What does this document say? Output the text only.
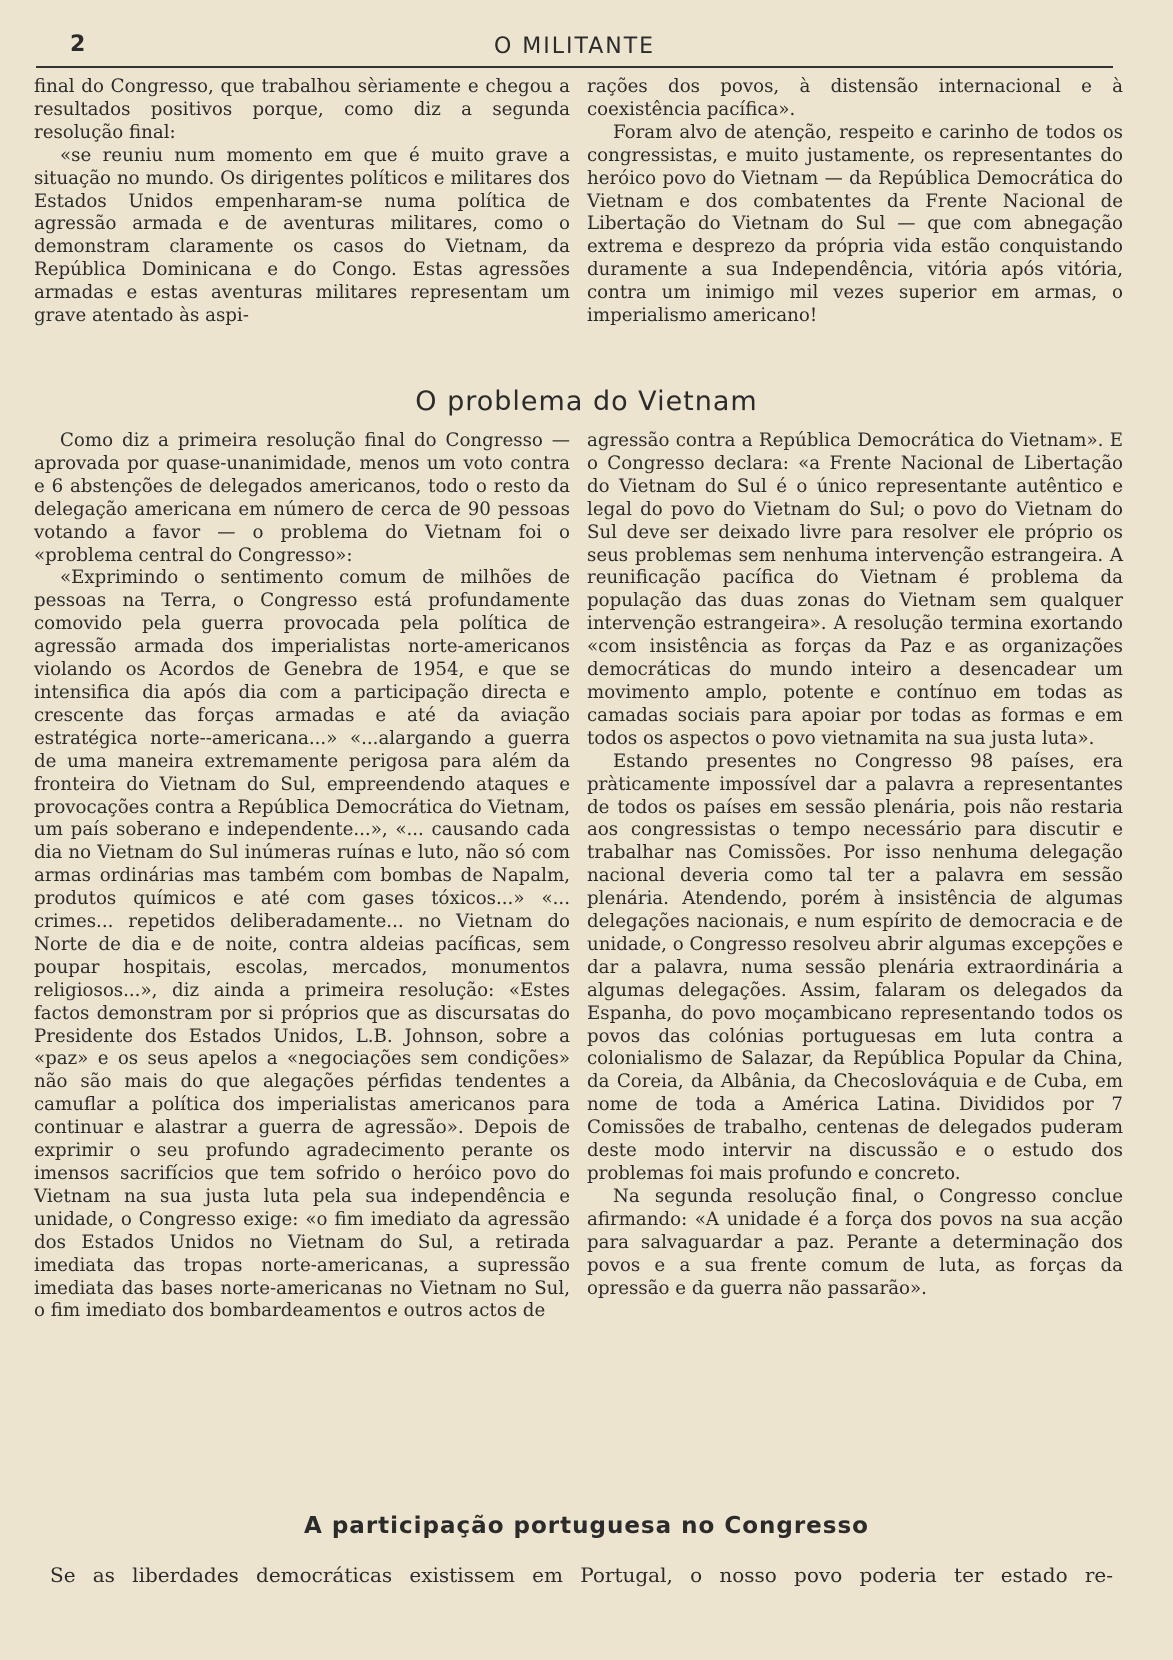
2	O MILITANTE

final do Congresso, que trabalhou sèriamente e chegou a resultados positivos porque, como diz a segunda resolução final:

«se reuniu num momento em que é muito grave a situação no mundo. Os dirigentes políticos e militares dos Estados Unidos empenharam-se numa política de agressão armada e de aventuras militares, como o demonstram claramente os casos do Vietnam, da República Dominicana e do Congo. Estas agressões armadas e estas aventuras militares representam um grave atentado às aspi-

rações dos povos, à distensão internacional e à coexistência pacífica».

Foram alvo de atenção, respeito e carinho de todos os congressistas, e muito justamente, os representantes do heróico povo do Vietnam — da República Democrática do Vietnam e dos combatentes da Frente Nacional de Libertação do Vietnam do Sul — que com abnegação extrema e desprezo da própria vida estão conquistando duramente a sua Independência, vitória após vitória, contra um inimigo mil vezes superior em armas, o imperialismo americano!

O problema do Vietnam

Como diz a primeira resolução final do Congresso — aprovada por quase-unanimidade, menos um voto contra e 6 abstenções de delegados americanos, todo o resto da delegação americana em número de cerca de 90 pessoas votando a favor — o problema do Vietnam foi o «problema central do Congresso»:

«Exprimindo o sentimento comum de milhões de pessoas na Terra, o Congresso está profundamente comovido pela guerra provocada pela política de agressão armada dos imperialistas norte-americanos violando os Acordos de Genebra de 1954, e que se intensifica dia após dia com a participação directa e crescente das forças armadas e até da aviação estratégica norte--americana...» «...alargando a guerra de uma maneira extremamente perigosa para além da fronteira do Vietnam do Sul, empreendendo ataques e provocações contra a República Democrática do Vietnam, um país soberano e independente...», «... causando cada dia no Vietnam do Sul inúmeras ruínas e luto, não só com armas ordinárias mas também com bombas de Napalm, produtos químicos e até com gases tóxicos...» «... crimes... repetidos deliberadamente... no Vietnam do Norte de dia e de noite, contra aldeias pacíficas, sem poupar hospitais, escolas, mercados, monumentos religiosos...», diz ainda a primeira resolução: «Estes factos demonstram por si próprios que as discursatas do Presidente dos Estados Unidos, L.B. Johnson, sobre a «paz» e os seus apelos a «negociações sem condições» não são mais do que alegações pérfidas tendentes a camuflar a política dos imperialistas americanos para continuar e alastrar a guerra de agressão». Depois de exprimir o seu profundo agradecimento perante os imensos sacrifícios que tem sofrido o heróico povo do Vietnam na sua justa luta pela sua independência e unidade, o Congresso exige: «o fim imediato da agressão dos Estados Unidos no Vietnam do Sul, a retirada imediata das tropas norte-americanas, a supressão imediata das bases norte-americanas no Vietnam no Sul, o fim imediato dos bombardeamentos e outros actos de

agressão contra a República Democrática do Vietnam». E o Congresso declara: «a Frente Nacional de Libertação do Vietnam do Sul é o único representante autêntico e legal do povo do Vietnam do Sul; o povo do Vietnam do Sul deve ser deixado livre para resolver ele próprio os seus problemas sem nenhuma intervenção estrangeira. A reunificação pacífica do Vietnam é problema da população das duas zonas do Vietnam sem qualquer intervenção estrangeira». A resolução termina exortando «com insistência as forças da Paz e as organizações democráticas do mundo inteiro a desencadear um movimento amplo, potente e contínuo em todas as camadas sociais para apoiar por todas as formas e em todos os aspectos o povo vietnamita na sua justa luta».

Estando presentes no Congresso 98 países, era pràticamente impossível dar a palavra a representantes de todos os países em sessão plenária, pois não restaria aos congressistas o tempo necessário para discutir e trabalhar nas Comissões. Por isso nenhuma delegação nacional deveria como tal ter a palavra em sessão plenária. Atendendo, porém à insistência de algumas delegações nacionais, e num espírito de democracia e de unidade, o Congresso resolveu abrir algumas excepções e dar a palavra, numa sessão plenária extraordinária a algumas delegações. Assim, falaram os delegados da Espanha, do povo moçambicano representando todos os povos das colónias portuguesas em luta contra a colonialismo de Salazar, da República Popular da China, da Coreia, da Albânia, da Checoslováquia e de Cuba, em nome de toda a América Latina. Divididos por 7 Comissões de trabalho, centenas de delegados puderam deste modo intervir na discussão e o estudo dos problemas foi mais profundo e concreto.

Na segunda resolução final, o Congresso conclue afirmando: «A unidade é a força dos povos na sua acção para salvaguardar a paz. Perante a determinação dos povos e a sua frente comum de luta, as forças da opressão e da guerra não passarão».

A participação portuguesa no Congresso
Se as liberdades democráticas existissem em Portugal, o nosso povo poderia ter estado re-
